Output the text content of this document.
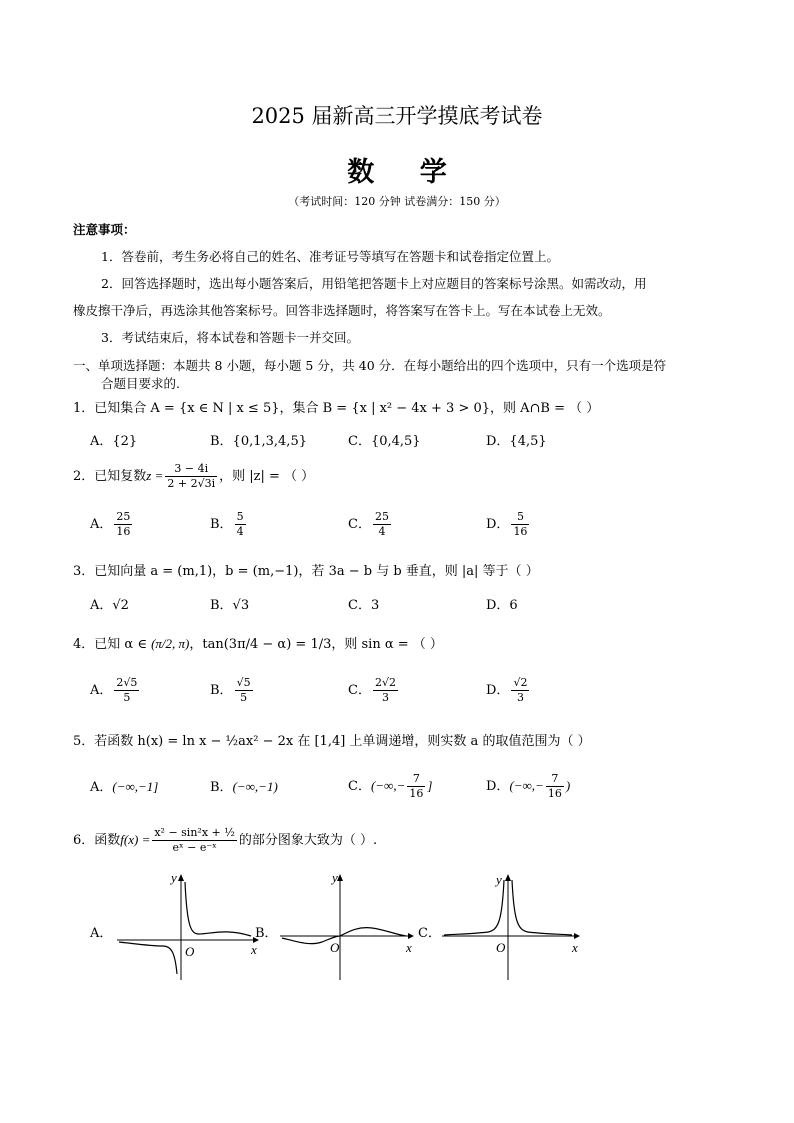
2025 届新高三开学摸底考试卷
数 学
（考试时间：120 分钟 试卷满分：150 分）
注意事项：
1．答卷前，考生务必将自己的姓名、准考证号等填写在答题卡和试卷指定位置上。
2．回答选择题时，选出每小题答案后，用铅笔把答题卡上对应题目的答案标号涂黑。如需改动，用
橡皮擦干净后，再选涂其他答案标号。回答非选择题时，将答案写在答卡上。写在本试卷上无效。
3．考试结束后，将本试卷和答题卡一并交回。
一、单项选择题：本题共 8 小题，每小题 5 分，共 40 分．在每小题给出的四个选项中，只有一个选项是符
合题目要求的.
1．已知集合 A = {x ∈ N | x ≤ 5}，集合 B = {x | x² − 4x + 3 > 0}，则 A∩B = （ ）
A．{2}	B．{0,1,3,4,5}	C．{0,4,5}	D．{4,5}
2．已知复数$z = \frac{3 - 4i}{2 + 2√3i}$ ，则 |z| = （ ）
A． $\frac{25}{16}$	B． $\frac{5}{4}$	C． $\frac{25}{4}$	D． $\frac{5}{16}$
3．已知向量 a = (m,1)，b = (m,−1)，若 3a − b 与 b 垂直，则 |a| 等于（ ）
A．√2	B．√3	C．3	D．6
4．已知 α ∈ (π/2, π)，tan(3π/4 − α) = 1/3，则 sin α = （ ）
A． $\frac{2√5}{5}$	B． $\frac{√5}{5}$	C． $\frac{2√2}{3}$	D． $\frac{√2}{3}$
5．若函数 h(x) = ln x − ½ax² − 2x 在 [1,4] 上单调递增，则实数 a 的取值范围为（ ）
A．(−∞,−1]	B．(−∞,−1)	C．(−∞,− $\frac{7}{16}$ ]	D．(−∞,− $\frac{7}{16}$ )
6．函数$f(x) = \frac{\text{x² − sin²x + ½}}{\text{eˣ − e⁻ˣ}}$ 的部分图象大致为（ ）.
A．
y
x
O
B．
y
x
O
C．
y
x
O
